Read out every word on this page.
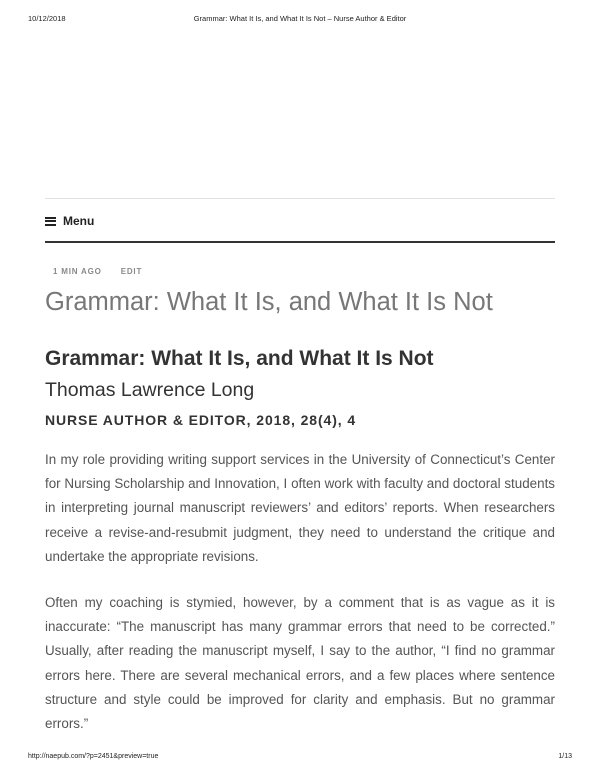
10/12/2018	Grammar: What It Is, and What It Is Not – Nurse Author & Editor
Menu
1 MIN AGO EDIT
Grammar: What It Is, and What It Is Not
Grammar: What It Is, and What It Is Not
Thomas Lawrence Long
NURSE AUTHOR & EDITOR, 2018, 28(4), 4

In my role providing writing support services in the University of Connecticut’s Center for Nursing Scholarship and Innovation, I often work with faculty and doctoral students in interpreting journal manuscript reviewers’ and editors’ reports. When researchers receive a revise-and-resubmit judgment, they need to understand the critique and undertake the appropriate revisions.

Often my coaching is stymied, however, by a comment that is as vague as it is inaccurate: “The manuscript has many grammar errors that need to be corrected.” Usually, after reading the manuscript myself, I say to the author, “I find no grammar errors here. There are several mechanical errors, and a few places where sentence structure and style could be improved for clarity and emphasis. But no grammar errors.”

http://naepub.com/?p=2451&preview=true	1/13
